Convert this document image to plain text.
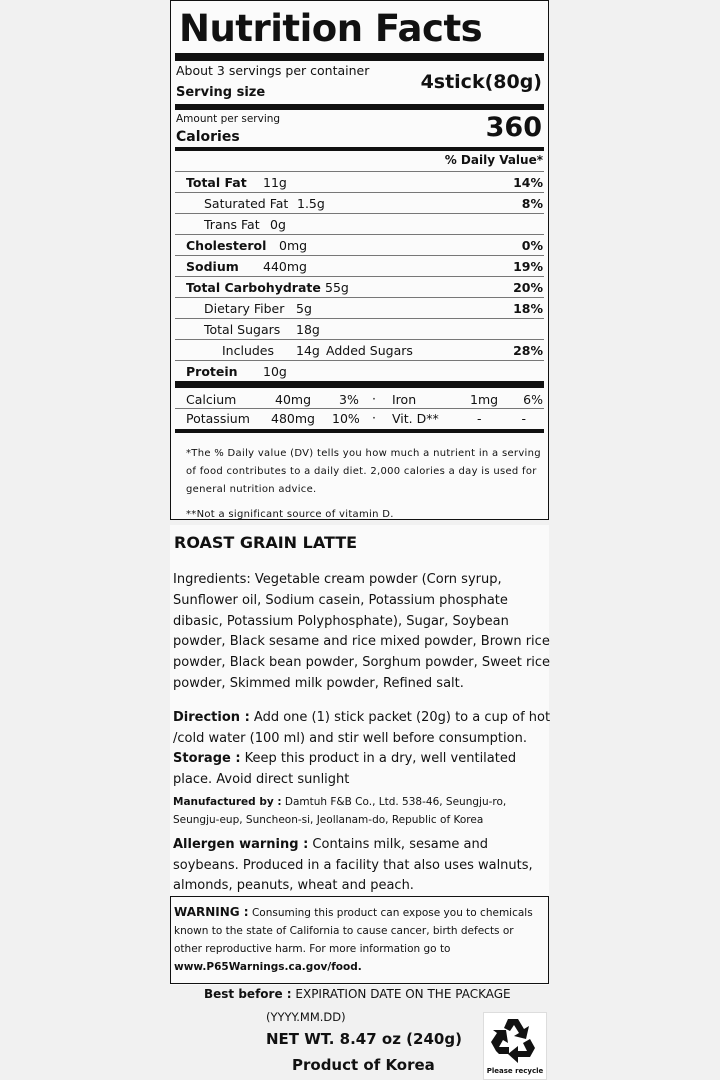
Nutrition Facts
About 3 servings per container
Serving size	4stick(80g)
Amount per serving
Calories	360
% Daily Value*
Total Fat 11g	14%
Saturated Fat 1.5g	8%
Trans Fat 0g
Cholesterol 0mg	0%
Sodium 440mg	19%
Total Carbohydrate 55g	20%
Dietary Fiber 5g	18%
Total Sugars 18g
Includes 14g Added Sugars	28%
Protein 10g
Calcium	40mg 3% · Iron	1mg 6%
Potassium 480mg 10% · Vit. D**	-	-
*The % Daily value (DV) tells you how much a nutrient in a serving of food contributes to a daily diet. 2,000 calories a day is used for general nutrition advice.
**Not a significant source of vitamin D.
ROAST GRAIN LATTE

Ingredients: Vegetable cream powder (Corn syrup, Sunflower oil, Sodium casein, Potassium phosphate dibasic, Potassium Polyphosphate), Sugar, Soybean powder, Black sesame and rice mixed powder, Brown rice powder, Black bean powder, Sorghum powder, Sweet rice powder, Skimmed milk powder, Refined salt.

Direction : Add one (1) stick packet (20g) to a cup of hot /cold water (100 ml) and stir well before consumption.

Storage : Keep this product in a dry, well ventilated place. Avoid direct sunlight

Manufactured by : Damtuh F&B Co., Ltd. 538-46, Seungju-ro, Seungju-eup, Suncheon-si, Jeollanam-do, Republic of Korea

Allergen warning : Contains milk, sesame and soybeans. Produced in a facility that also uses walnuts, almonds, peanuts, wheat and peach.

WARNING : Consuming this product can expose you to chemicals known to the state of California to cause cancer, birth defects or other reproductive harm. For more information go to www.P65Warnings.ca.gov/food.

Best before : EXPIRATION DATE ON THE PACKAGE
(YYYY.MM.DD)
NET WT. 8.47 oz (240g)
Product of Korea	Please recycle
